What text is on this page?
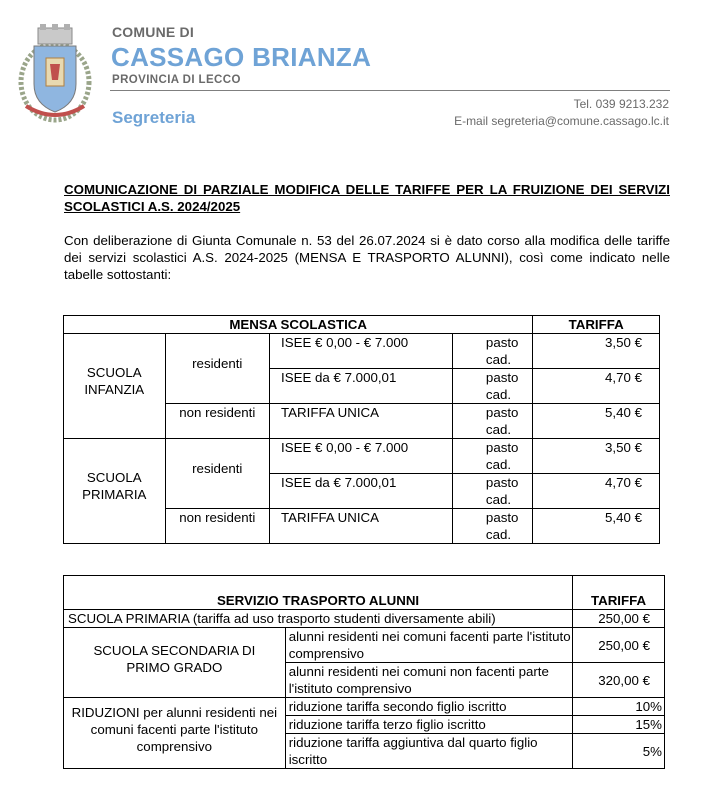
COMUNE DI
CASSAGO BRIANZA
PROVINCIA DI LECCO
Segreteria
Tel. 039 9213.232
E-mail segreteria@comune.cassago.lc.it
COMUNICAZIONE DI PARZIALE MODIFICA DELLE TARIFFE PER LA FRUIZIONE DEI SERVIZI SCOLASTICI A.S. 2024/2025
Con deliberazione di Giunta Comunale n. 53 del 26.07.2024 si è dato corso alla modifica delle tariffe dei servizi scolastici A.S. 2024-2025 (MENSA E TRASPORTO ALUNNI), così come indicato nelle tabelle sottostanti:
MENSA SCOLASTICA				TARIFFA
SCUOLA INFANZIA	residenti	ISEE € 0,00 - € 7.000	pasto cad.	3,50 €
		ISEE da € 7.000,01	pasto cad.	4,70 €
	non residenti	TARIFFA UNICA	pasto cad.	5,40 €
SCUOLA PRIMARIA	residenti	ISEE € 0,00 - € 7.000	pasto cad.	3,50 €
		ISEE da € 7.000,01	pasto cad.	4,70 €
	non residenti	TARIFFA UNICA	pasto cad.	5,40 €
SERVIZIO TRASPORTO ALUNNI		TARIFFA
SCUOLA PRIMARIA (tariffa ad uso trasporto studenti diversamente abili)		250,00 €
SCUOLA SECONDARIA DI PRIMO GRADO	alunni residenti nei comuni facenti parte l'istituto comprensivo	250,00 €
	alunni residenti nei comuni non facenti parte l'istituto comprensivo	320,00 €
RIDUZIONI per alunni residenti nei comuni facenti parte l'istituto comprensivo	riduzione tariffa secondo figlio iscritto	10%
	riduzione tariffa terzo figlio iscritto	15%
	riduzione tariffa aggiuntiva dal quarto figlio iscritto	5%
